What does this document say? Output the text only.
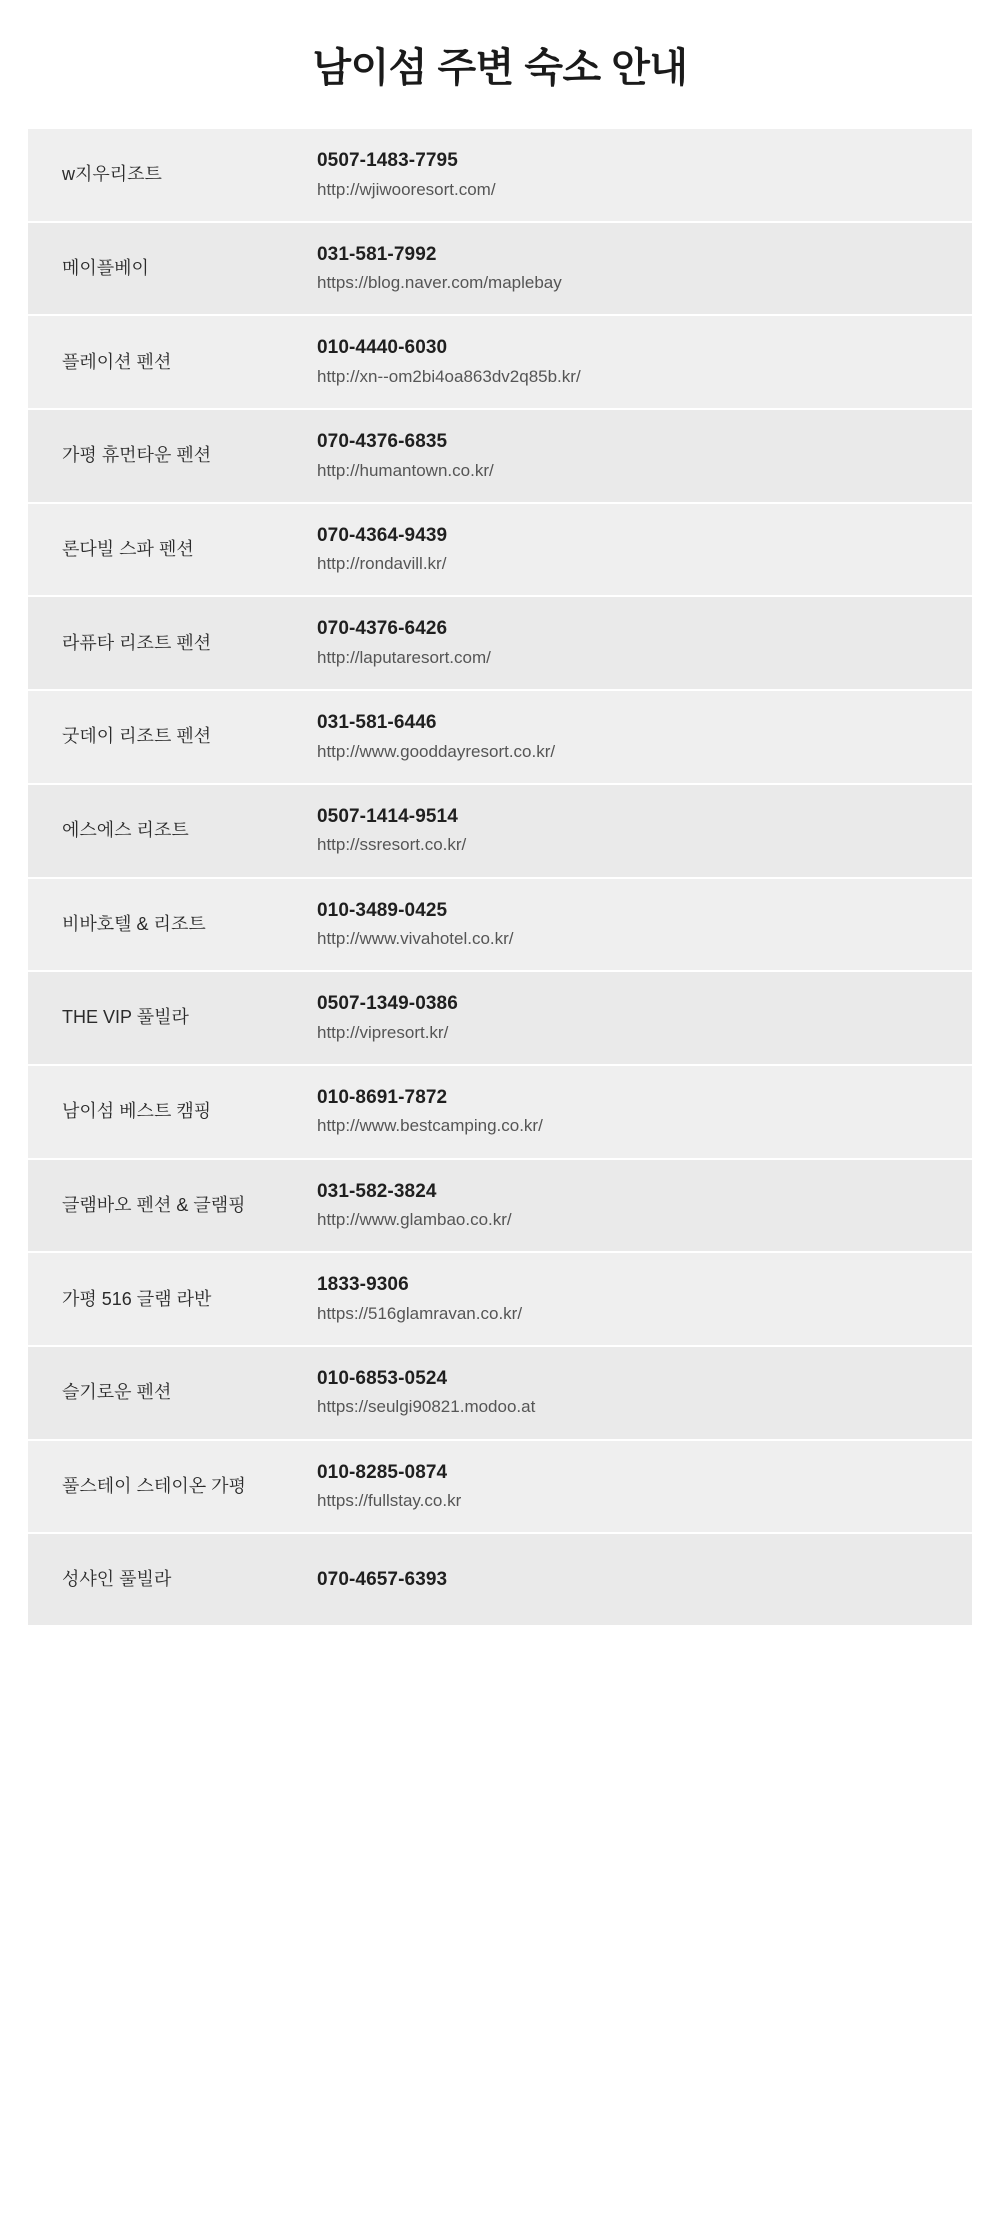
남이섬 주변 숙소 안내
w지우리조트
0507-1483-7795
http://wjiwooresort.com/
메이플베이
031-581-7992
https://blog.naver.com/maplebay
플레이션 펜션
010-4440-6030
http://xn--om2bi4oa863dv2q85b.kr/
가평 휴먼타운 펜션
070-4376-6835
http://humantown.co.kr/
론다빌 스파 펜션
070-4364-9439
http://rondavill.kr/
라퓨타 리조트 펜션
070-4376-6426
http://laputaresort.com/
굿데이 리조트 펜션
031-581-6446
http://www.gooddayresort.co.kr/
에스에스 리조트
0507-1414-9514
http://ssresort.co.kr/
비바호텔 & 리조트
010-3489-0425
http://www.vivahotel.co.kr/
THE VIP 풀빌라
0507-1349-0386
http://vipresort.kr/
남이섬 베스트 캠핑
010-8691-7872
http://www.bestcamping.co.kr/
글램바오 펜션 & 글램핑
031-582-3824
http://www.glambao.co.kr/
가평 516 글램 라반
1833-9306
https://516glamravan.co.kr/
슬기로운 펜션
010-6853-0524
https://seulgi90821.modoo.at
풀스테이 스테이온 가평
010-8285-0874
https://fullstay.co.kr
성샤인 풀빌라	070-4657-6393
